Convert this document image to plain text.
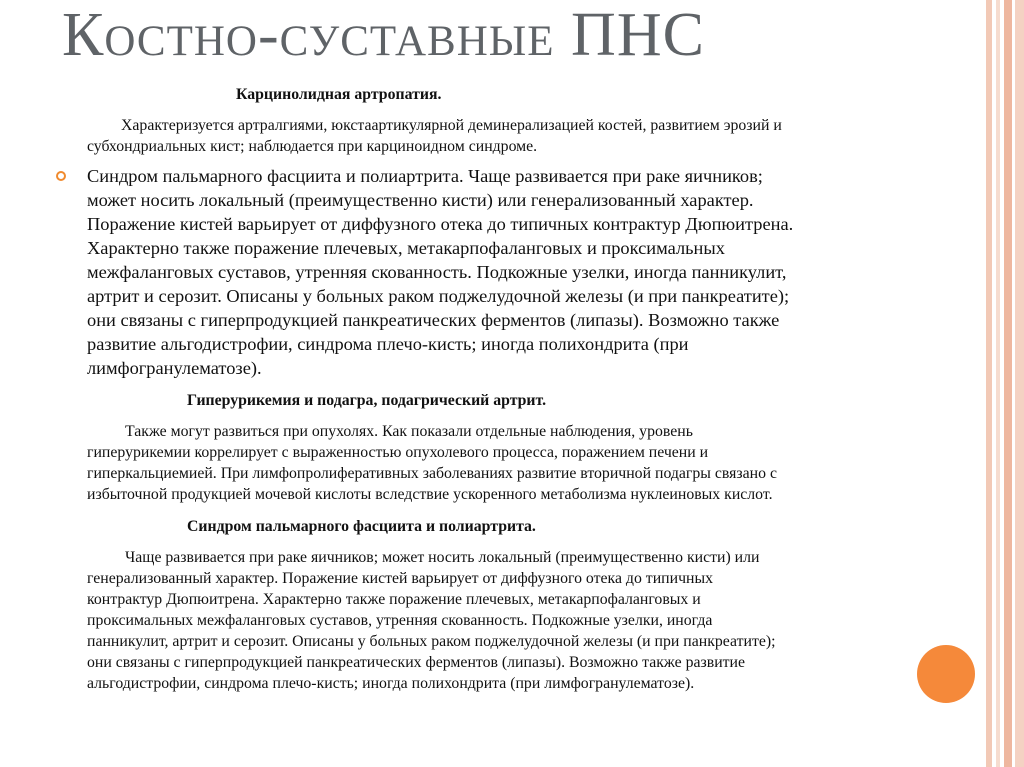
Костно-суставные ПНС
Карцинолидная артропатия.
Характеризуется артралгиями, юкстаартикулярной деминерализацией костей, развитием эрозий и
субхондриальных кист; наблюдается при карциноидном синдроме.
Синдром пальмарного фасциита и полиартрита. Чаще развивается при раке яичников;
может носить локальный (преимущественно кисти) или генерализованный характер.
Поражение кистей варьирует от диффузного отека до типичных контрактур Дюпюитрена.
Характерно также поражение плечевых, метакарпофаланговых и проксимальных
межфаланговых суставов, утренняя скованность. Подкожные узелки, иногда панникулит,
артрит и серозит. Описаны у больных раком поджелудочной железы (и при панкреатите);
они связаны с гиперпродукцией панкреатических ферментов (липазы). Возможно также
развитие альгодистрофии, синдрома плечо-кисть; иногда полихондрита (при
лимфогранулематозе).
Гиперурикемия и подагра, подагрический артрит.
Также могут развиться при опухолях. Как показали отдельные наблюдения, уровень
гиперурикемии коррелирует с выраженностью опухолевого процесса, поражением печени и
гиперкальциемией. При лимфопролиферативных заболеваниях развитие вторичной подагры связано с
избыточной продукцией мочевой кислоты вследствие ускоренного метаболизма нуклеиновых кислот.
Синдром пальмарного фасциита и полиартрита.
Чаще развивается при раке яичников; может носить локальный (преимущественно кисти) или
генерализованный характер. Поражение кистей варьирует от диффузного отека до типичных
контрактур Дюпюитрена. Характерно также поражение плечевых, метакарпофаланговых и
проксимальных межфаланговых суставов, утренняя скованность. Подкожные узелки, иногда
панникулит, артрит и серозит. Описаны у больных раком поджелудочной железы (и при панкреатите);
они связаны с гиперпродукцией панкреатических ферментов (липазы). Возможно также развитие
альгодистрофии, синдрома плечо-кисть; иногда полихондрита (при лимфогранулематозе).
